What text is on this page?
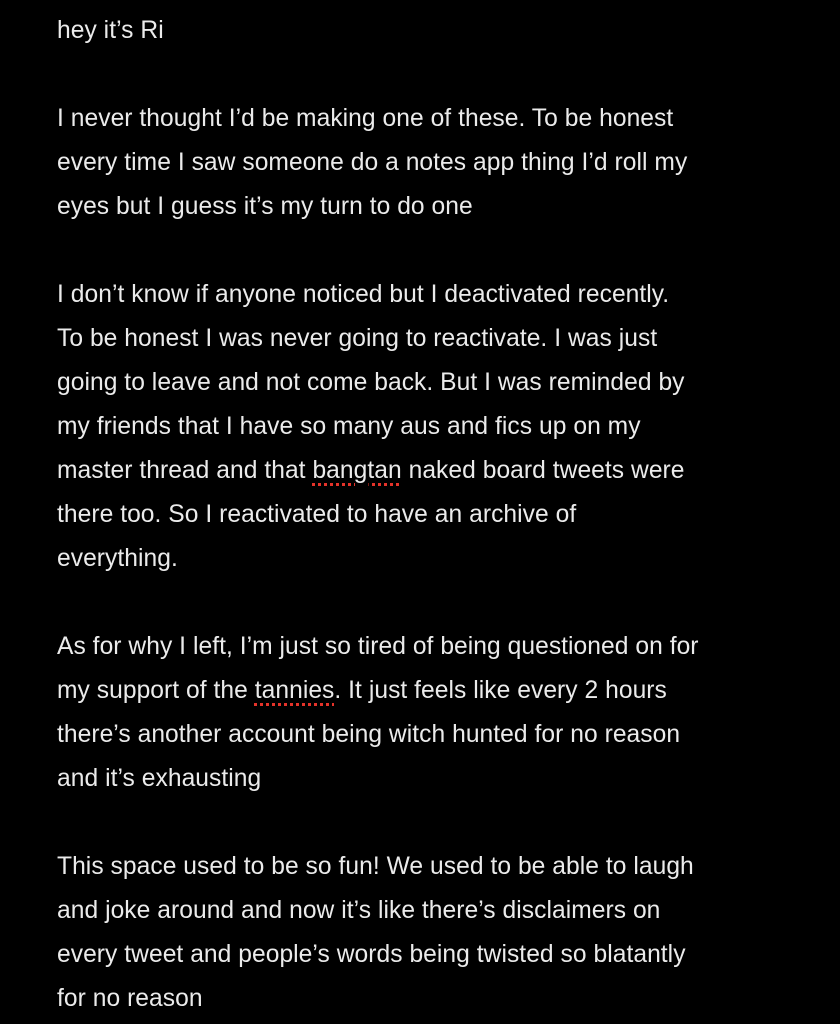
hey it’s Ri
I never thought I’d be making one of these. To be honest
every time I saw someone do a notes app thing I’d roll my
eyes but I guess it’s my turn to do one
I don’t know if anyone noticed but I deactivated recently.
To be honest I was never going to reactivate. I was just
going to leave and not come back. But I was reminded by
my friends that I have so many aus and fics up on my
master thread and that bangtan naked board tweets were
there too. So I reactivated to have an archive of
everything.
As for why I left, I’m just so tired of being questioned on for
my support of the tannies. It just feels like every 2 hours
there’s another account being witch hunted for no reason
and it’s exhausting
This space used to be so fun! We used to be able to laugh
and joke around and now it’s like there’s disclaimers on
every tweet and people’s words being twisted so blatantly
for no reason
